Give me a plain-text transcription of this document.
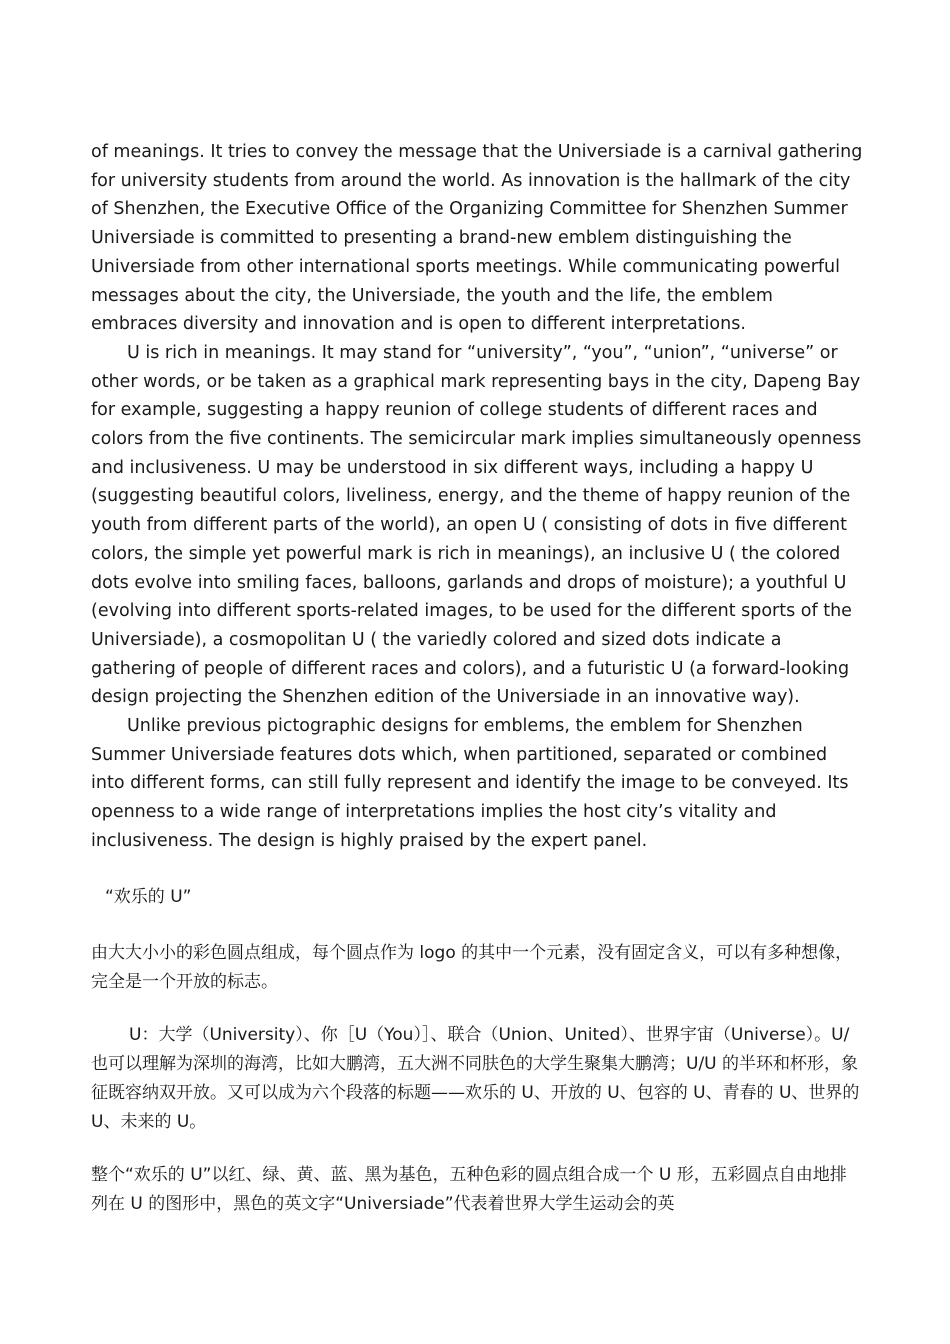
of meanings. It tries to convey the message that the Universiade is a carnival gathering for university students from around the world. As innovation is the hallmark of the city of Shenzhen, the Executive Office of the Organizing Committee for Shenzhen Summer Universiade is committed to presenting a brand-new emblem distinguishing the Universiade from other international sports meetings. While communicating powerful messages about the city, the Universiade, the youth and the life, the emblem embraces diversity and innovation and is open to different interpretations.

U is rich in meanings. It may stand for “university”, “you”, “union”, “universe” or other words, or be taken as a graphical mark representing bays in the city, Dapeng Bay for example, suggesting a happy reunion of college students of different races and colors from the five continents. The semicircular mark implies simultaneously openness and inclusiveness. U may be understood in six different ways, including a happy U (suggesting beautiful colors, liveliness, energy, and the theme of happy reunion of the youth from different parts of the world), an open U ( consisting of dots in five different colors, the simple yet powerful mark is rich in meanings), an inclusive U ( the colored dots evolve into smiling faces, balloons, garlands and drops of moisture); a youthful U (evolving into different sports-related images, to be used for the different sports of the Universiade), a cosmopolitan U ( the variedly colored and sized dots indicate a gathering of people of different races and colors), and a futuristic U (a forward-looking design projecting the Shenzhen edition of the Universiade in an innovative way).

Unlike previous pictographic designs for emblems, the emblem for Shenzhen Summer Universiade features dots which, when partitioned, separated or combined into different forms, can still fully represent and identify the image to be conveyed. Its openness to a wide range of interpretations implies the host city’s vitality and inclusiveness. The design is highly praised by the expert panel.

“欢乐的 U”

由大大小小的彩色圆点组成，每个圆点作为 logo 的其中一个元素，没有固定含义，可以有多种想像，完全是一个开放的标志。

U：大学（University）、你［U（You）］、联合（Union、United）、世界宇宙（Universe）。U/也可以理解为深圳的海湾，比如大鹏湾，五大洲不同肤色的大学生聚集大鹏湾；U/U 的半环和杯形，象征既容纳双开放。又可以成为六个段落的标题——欢乐的 U、开放的 U、包容的 U、青春的 U、世界的 U、未来的 U。

整个“欢乐的 U”以红、绿、黄、蓝、黑为基色，五种色彩的圆点组合成一个 U 形，五彩圆点自由地排列在 U 的图形中，黑色的英文字“Universiade”代表着世界大学生运动会的英
